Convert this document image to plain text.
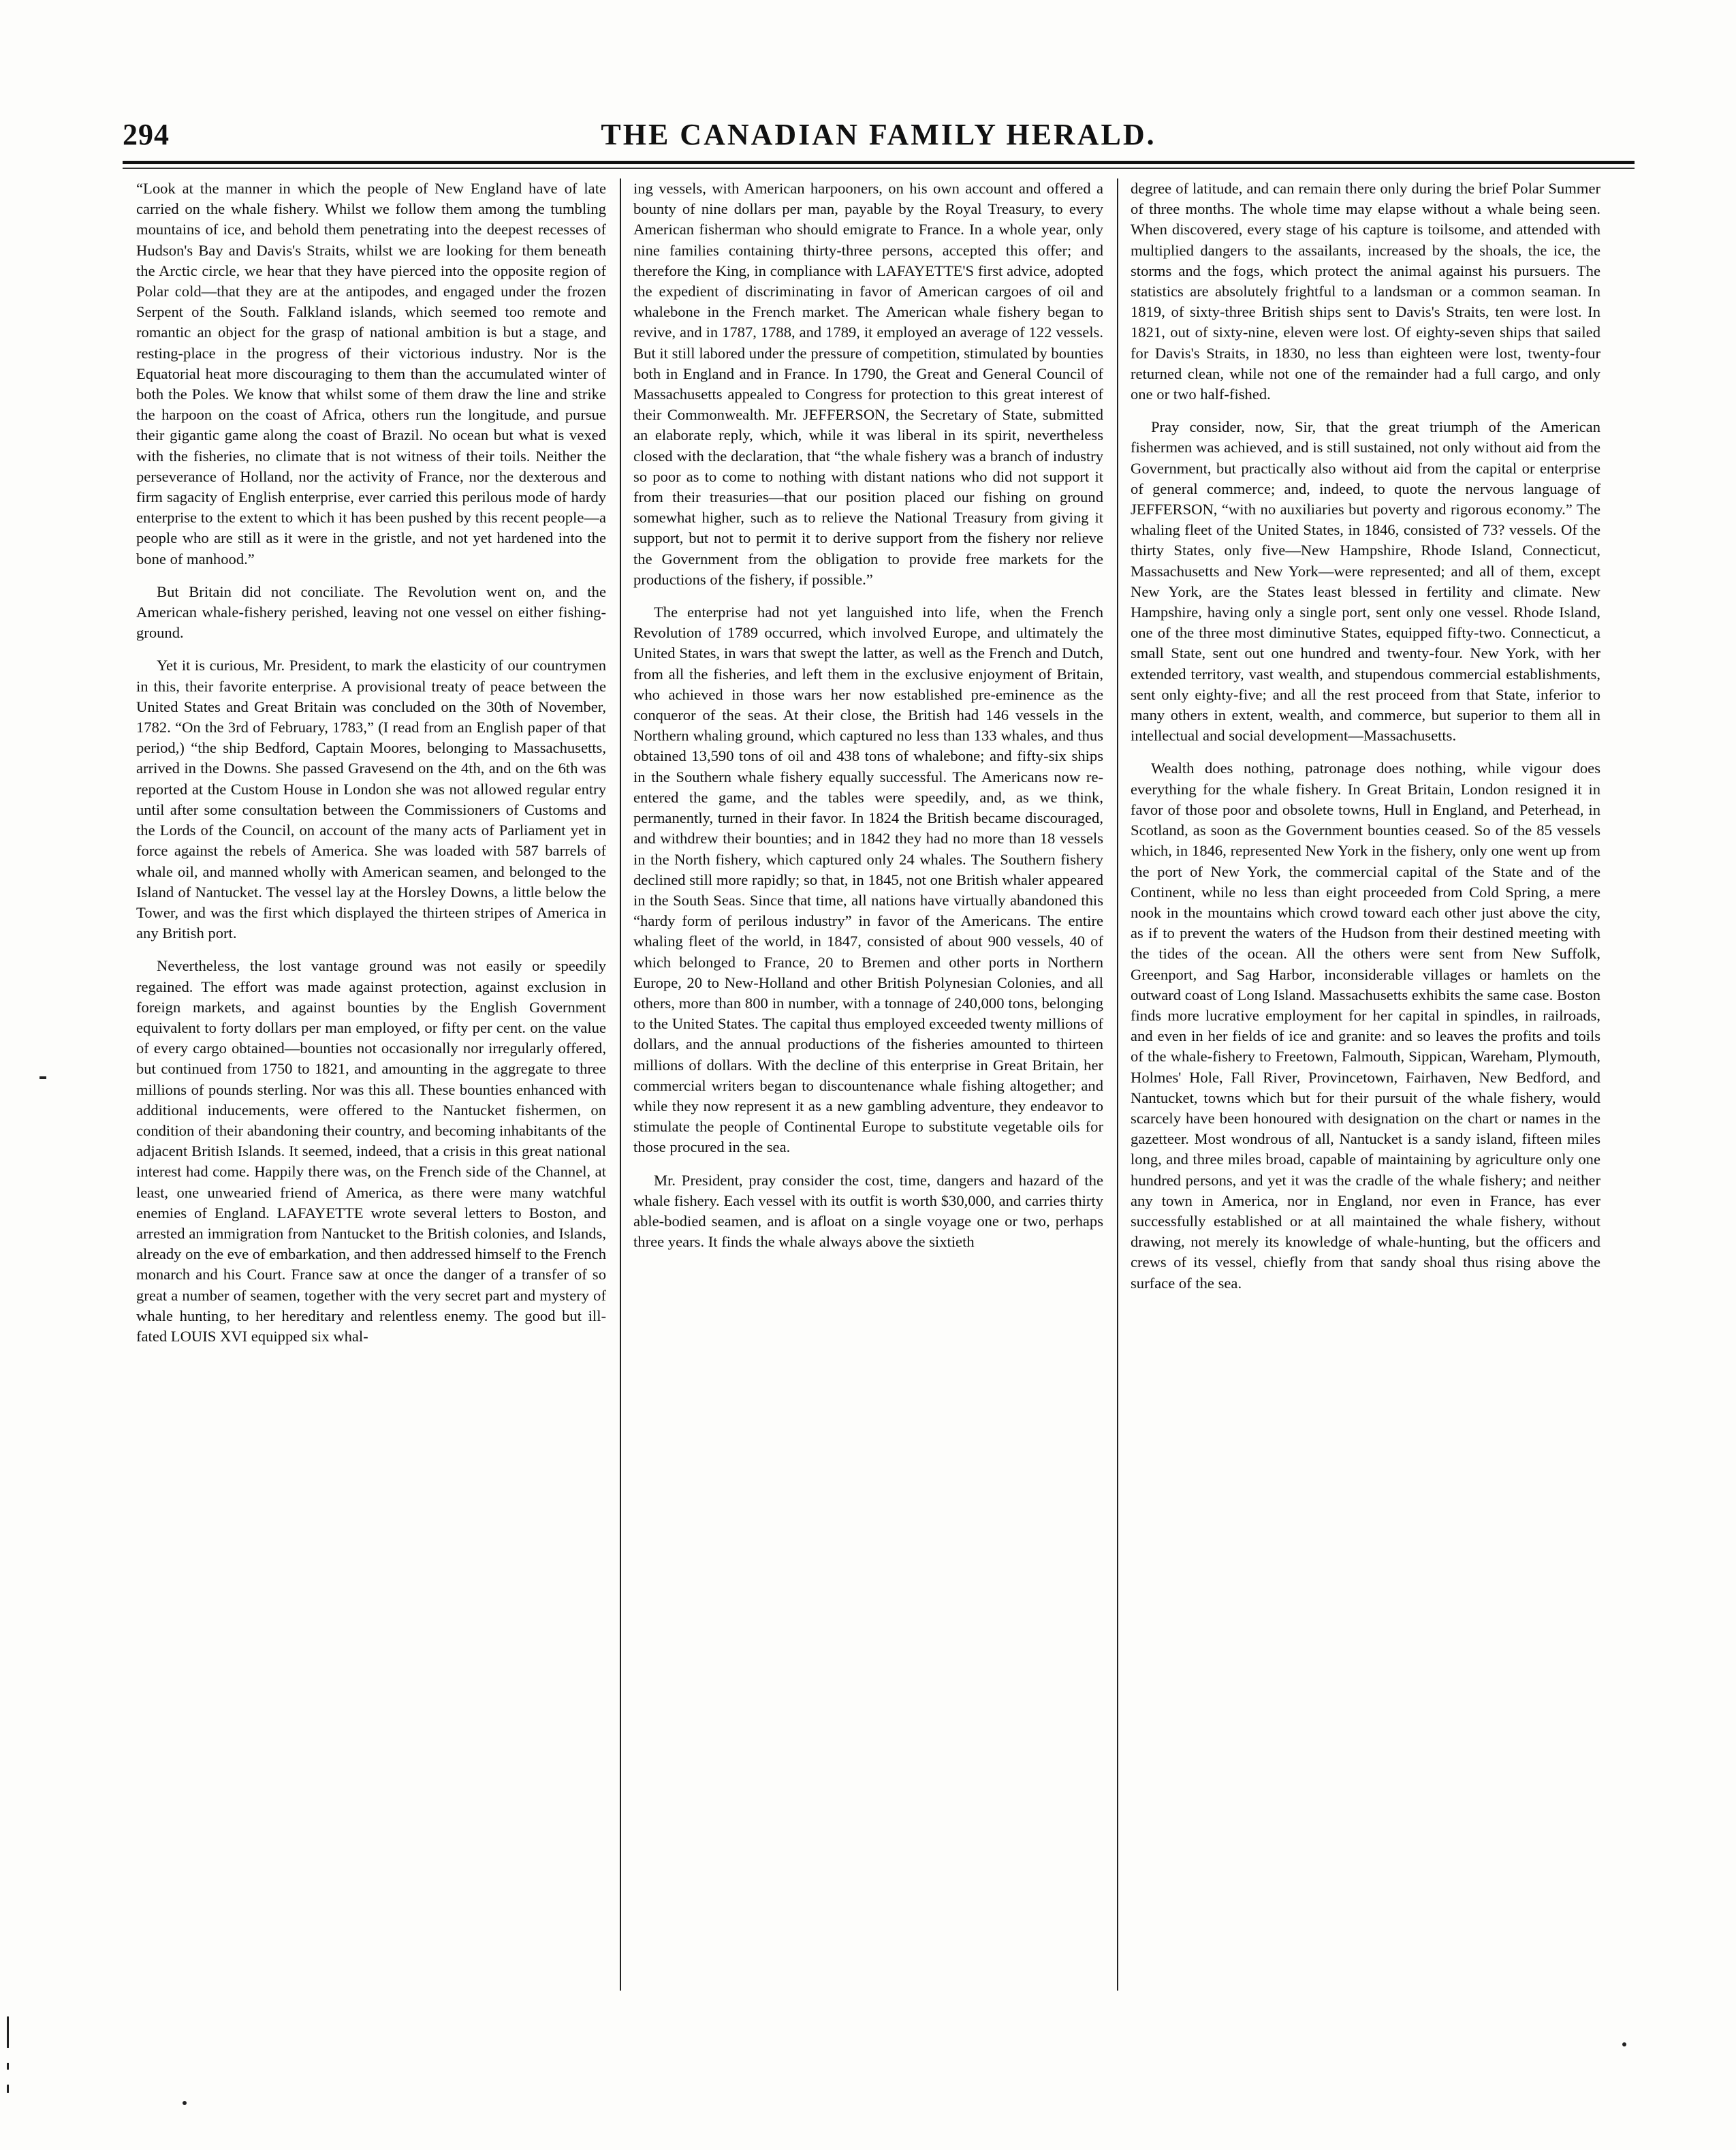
294	THE CANADIAN FAMILY HERALD.

“Look at the manner in which the people of New England have of late carried on the whale fishery. Whilst we follow them among the tumbling mountains of ice, and behold them penetrating into the deepest recesses of Hudson's Bay and Davis's Straits, whilst we are looking for them beneath the Arctic circle, we hear that they have pierced into the opposite region of Polar cold—that they are at the antipodes, and engaged under the frozen Serpent of the South. Falkland islands, which seemed too remote and romantic an object for the grasp of national ambition is but a stage, and resting-place in the progress of their victorious industry. Nor is the Equatorial heat more discouraging to them than the accumulated winter of both the Poles. We know that whilst some of them draw the line and strike the harpoon on the coast of Africa, others run the longitude, and pursue their gigantic game along the coast of Brazil. No ocean but what is vexed with the fisheries, no climate that is not witness of their toils. Neither the perseverance of Holland, nor the activity of France, nor the dexterous and firm sagacity of English enterprise, ever carried this perilous mode of hardy enterprise to the extent to which it has been pushed by this recent people—a people who are still as it were in the gristle, and not yet hardened into the bone of manhood.”

But Britain did not conciliate. The Revolution went on, and the American whale-fishery perished, leaving not one vessel on either fishing-ground.

Yet it is curious, Mr. President, to mark the elasticity of our countrymen in this, their favorite enterprise. A provisional treaty of peace between the United States and Great Britain was concluded on the 30th of November, 1782. “On the 3rd of February, 1783,” (I read from an English paper of that period,) “the ship Bedford, Captain Moores, belonging to Massachusetts, arrived in the Downs. She passed Gravesend on the 4th, and on the 6th was reported at the Custom House in London she was not allowed regular entry until after some consultation between the Commissioners of Customs and the Lords of the Council, on account of the many acts of Parliament yet in force against the rebels of America. She was loaded with 587 barrels of whale oil, and manned wholly with American seamen, and belonged to the Island of Nantucket. The vessel lay at the Horsley Downs, a little below the Tower, and was the first which displayed the thirteen stripes of America in any British port.

Nevertheless, the lost vantage ground was not easily or speedily regained. The effort was made against protection, against exclusion in foreign markets, and against bounties by the English Government equivalent to forty dollars per man employed, or fifty per cent. on the value of every cargo obtained—bounties not occasionally nor irregularly offered, but continued from 1750 to 1821, and amounting in the aggregate to three millions of pounds sterling. Nor was this all. These bounties enhanced with additional inducements, were offered to the Nantucket fishermen, on condition of their abandoning their country, and becoming inhabitants of the adjacent British Islands. It seemed, indeed, that a crisis in this great national interest had come. Happily there was, on the French side of the Channel, at least, one unwearied friend of America, as there were many watchful enemies of England. LAFAYETTE wrote several letters to Boston, and arrested an immigration from Nantucket to the British colonies, and Islands, already on the eve of embarkation, and then addressed himself to the French monarch and his Court. France saw at once the danger of a transfer of so great a number of seamen, together with the very secret part and mystery of whale hunting, to her hereditary and relentless enemy. The good but ill-fated LOUIS XVI equipped six whal-

ing vessels, with American harpooners, on his own account and offered a bounty of nine dollars per man, payable by the Royal Treasury, to every American fisherman who should emigrate to France. In a whole year, only nine families containing thirty-three persons, accepted this offer; and therefore the King, in compliance with LAFAYETTE'S first advice, adopted the expedient of discriminating in favor of American cargoes of oil and whalebone in the French market. The American whale fishery began to revive, and in 1787, 1788, and 1789, it employed an average of 122 vessels. But it still labored under the pressure of competition, stimulated by bounties both in England and in France. In 1790, the Great and General Council of Massachusetts appealed to Congress for protection to this great interest of their Commonwealth. Mr. JEFFERSON, the Secretary of State, submitted an elaborate reply, which, while it was liberal in its spirit, nevertheless closed with the declaration, that “the whale fishery was a branch of industry so poor as to come to nothing with distant nations who did not support it from their treasuries—that our position placed our fishing on ground somewhat higher, such as to relieve the National Treasury from giving it support, but not to permit it to derive support from the fishery nor relieve the Government from the obligation to provide free markets for the productions of the fishery, if possible.”

The enterprise had not yet languished into life, when the French Revolution of 1789 occurred, which involved Europe, and ultimately the United States, in wars that swept the latter, as well as the French and Dutch, from all the fisheries, and left them in the exclusive enjoyment of Britain, who achieved in those wars her now established pre-eminence as the conqueror of the seas. At their close, the British had 146 vessels in the Northern whaling ground, which captured no less than 133 whales, and thus obtained 13,590 tons of oil and 438 tons of whalebone; and fifty-six ships in the Southern whale fishery equally successful. The Americans now re-entered the game, and the tables were speedily, and, as we think, permanently, turned in their favor. In 1824 the British became discouraged, and withdrew their bounties; and in 1842 they had no more than 18 vessels in the North fishery, which captured only 24 whales. The Southern fishery declined still more rapidly; so that, in 1845, not one British whaler appeared in the South Seas. Since that time, all nations have virtually abandoned this “hardy form of perilous industry” in favor of the Americans. The entire whaling fleet of the world, in 1847, consisted of about 900 vessels, 40 of which belonged to France, 20 to Bremen and other ports in Northern Europe, 20 to New-Holland and other British Polynesian Colonies, and all others, more than 800 in number, with a tonnage of 240,000 tons, belonging to the United States. The capital thus employed exceeded twenty millions of dollars, and the annual productions of the fisheries amounted to thirteen millions of dollars. With the decline of this enterprise in Great Britain, her commercial writers began to discountenance whale fishing altogether; and while they now represent it as a new gambling adventure, they endeavor to stimulate the people of Continental Europe to substitute vegetable oils for those procured in the sea.

Mr. President, pray consider the cost, time, dangers and hazard of the whale fishery. Each vessel with its outfit is worth $30,000, and carries thirty able-bodied seamen, and is afloat on a single voyage one or two, perhaps three years. It finds the whale always above the sixtieth

degree of latitude, and can remain there only during the brief Polar Summer of three months. The whole time may elapse without a whale being seen. When discovered, every stage of his capture is toilsome, and attended with multiplied dangers to the assailants, increased by the shoals, the ice, the storms and the fogs, which protect the animal against his pursuers. The statistics are absolutely frightful to a landsman or a common seaman. In 1819, of sixty-three British ships sent to Davis's Straits, ten were lost. In 1821, out of sixty-nine, eleven were lost. Of eighty-seven ships that sailed for Davis's Straits, in 1830, no less than eighteen were lost, twenty-four returned clean, while not one of the remainder had a full cargo, and only one or two half-fished.

Pray consider, now, Sir, that the great triumph of the American fishermen was achieved, and is still sustained, not only without aid from the Government, but practically also without aid from the capital or enterprise of general commerce; and, indeed, to quote the nervous language of JEFFERSON, “with no auxiliaries but poverty and rigorous economy.” The whaling fleet of the United States, in 1846, consisted of 73? vessels. Of the thirty States, only five—New Hampshire, Rhode Island, Connecticut, Massachusetts and New York—were represented; and all of them, except New York, are the States least blessed in fertility and climate. New Hampshire, having only a single port, sent only one vessel. Rhode Island, one of the three most diminutive States, equipped fifty-two. Connecticut, a small State, sent out one hundred and twenty-four. New York, with her extended territory, vast wealth, and stupendous commercial establishments, sent only eighty-five; and all the rest proceed from that State, inferior to many others in extent, wealth, and commerce, but superior to them all in intellectual and social development—Massachusetts.

Wealth does nothing, patronage does nothing, while vigour does everything for the whale fishery. In Great Britain, London resigned it in favor of those poor and obsolete towns, Hull in England, and Peterhead, in Scotland, as soon as the Government bounties ceased. So of the 85 vessels which, in 1846, represented New York in the fishery, only one went up from the port of New York, the commercial capital of the State and of the Continent, while no less than eight proceeded from Cold Spring, a mere nook in the mountains which crowd toward each other just above the city, as if to prevent the waters of the Hudson from their destined meeting with the tides of the ocean. All the others were sent from New Suffolk, Greenport, and Sag Harbor, inconsiderable villages or hamlets on the outward coast of Long Island. Massachusetts exhibits the same case. Boston finds more lucrative employment for her capital in spindles, in railroads, and even in her fields of ice and granite: and so leaves the profits and toils of the whale-fishery to Freetown, Falmouth, Sippican, Wareham, Plymouth, Holmes' Hole, Fall River, Provincetown, Fairhaven, New Bedford, and Nantucket, towns which but for their pursuit of the whale fishery, would scarcely have been honoured with designation on the chart or names in the gazetteer. Most wondrous of all, Nantucket is a sandy island, fifteen miles long, and three miles broad, capable of maintaining by agriculture only one hundred persons, and yet it was the cradle of the whale fishery; and neither any town in America, nor in England, nor even in France, has ever successfully established or at all maintained the whale fishery, without drawing, not merely its knowledge of whale-hunting, but the officers and crews of its vessel, chiefly from that sandy shoal thus rising above the surface of the sea.
